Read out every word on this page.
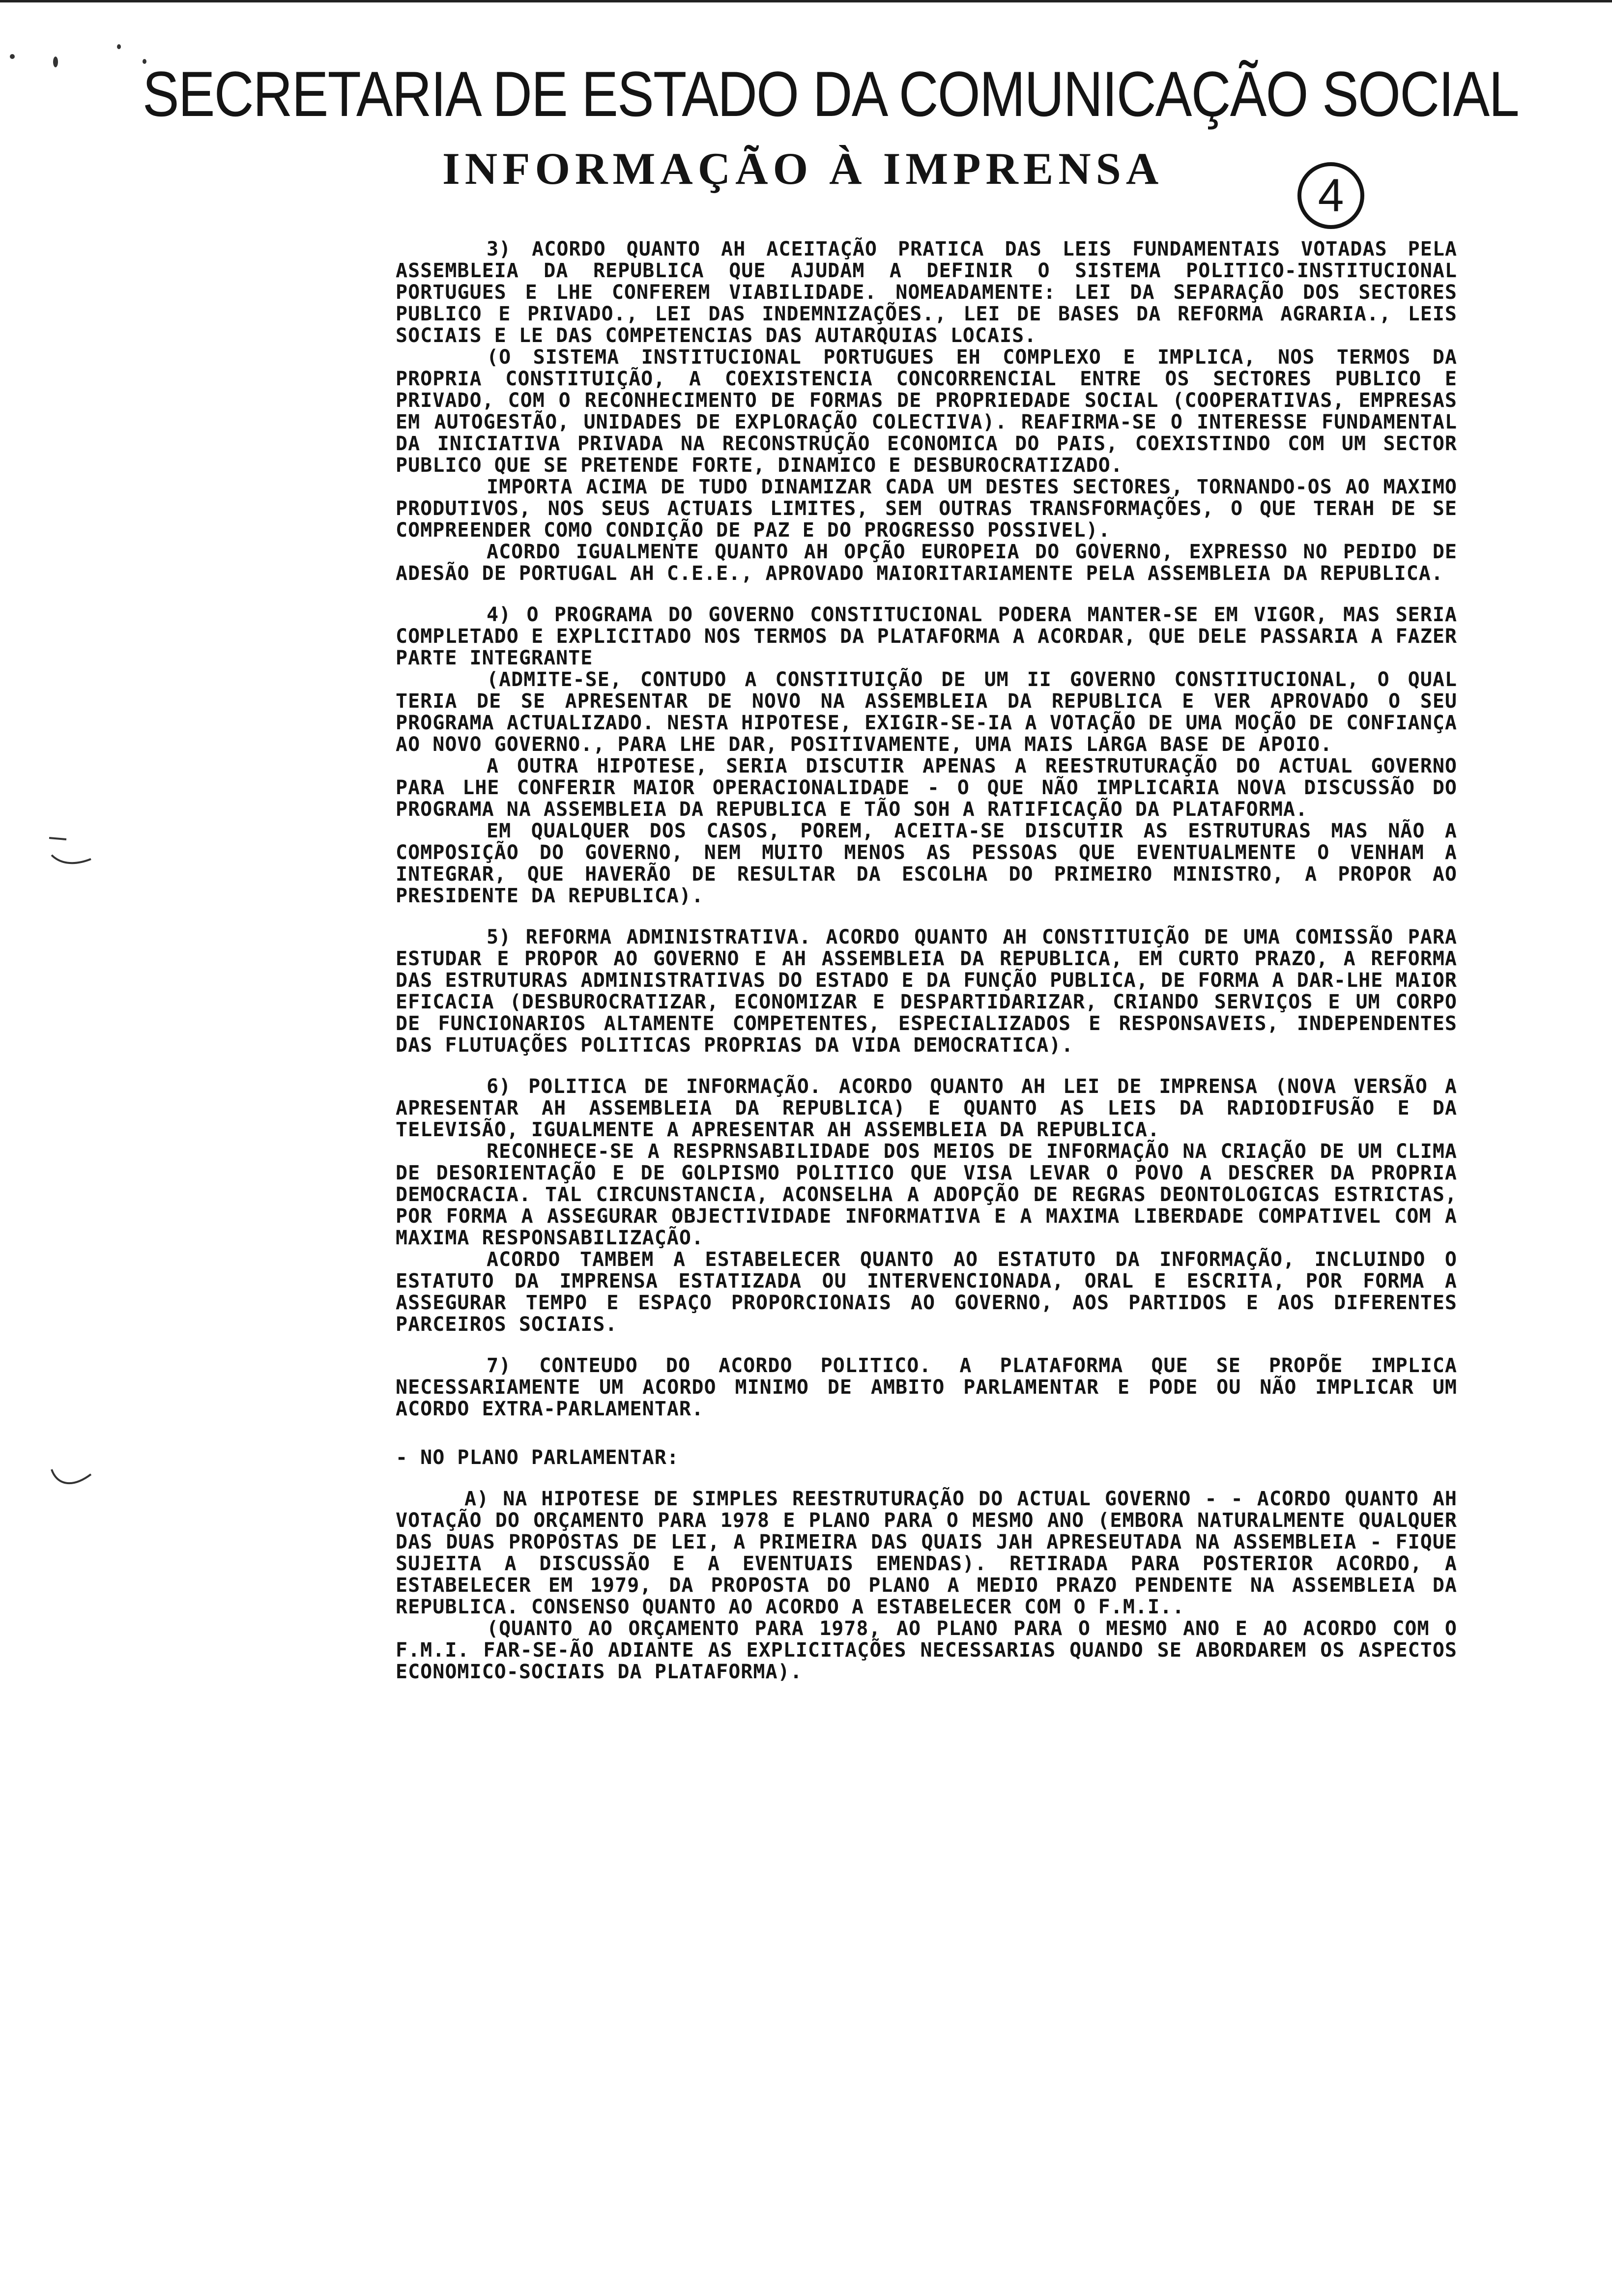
SECRETARIA DE ESTADO DA COMUNICAÇÃO SOCIAL
INFORMAÇÃO À IMPRENSA
4

3) ACORDO QUANTO AH ACEITAÇÃO PRATICA DAS LEIS FUNDAMENTAIS VOTADAS PELA ASSEMBLEIA DA REPUBLICA QUE AJUDAM A DEFINIR O SISTEMA POLITICO-INSTITUCIONAL PORTUGUES E LHE CONFEREM VIABILIDADE. NOMEADAMENTE: LEI DA SEPARAÇÃO DOS SECTORES PUBLICO E PRIVADO., LEI DAS INDEMNIZAÇÕES., LEI DE BASES DA REFORMA AGRARIA., LEIS SOCIAIS E LE DAS COMPETENCIAS DAS AUTARQUIAS LOCAIS.

(O SISTEMA INSTITUCIONAL PORTUGUES EH COMPLEXO E IMPLICA, NOS TERMOS DA PROPRIA CONSTITUIÇÃO, A COEXISTENCIA CONCORRENCIAL ENTRE OS SECTORES PUBLICO E PRIVADO, COM O RECONHECIMENTO DE FORMAS DE PROPRIEDADE SOCIAL (COOPERATIVAS, EMPRESAS EM AUTOGESTÃO, UNIDADES DE EXPLORAÇÃO COLECTIVA). REAFIRMA-SE O INTERESSE FUNDAMENTAL DA INICIATIVA PRIVADA NA RECONSTRUÇÃO ECONOMICA DO PAIS, COEXISTINDO COM UM SECTOR PUBLICO QUE SE PRETENDE FORTE, DINAMICO E DESBUROCRATIZADO.

IMPORTA ACIMA DE TUDO DINAMIZAR CADA UM DESTES SECTORES, TORNANDO-OS AO MAXIMO PRODUTIVOS, NOS SEUS ACTUAIS LIMITES, SEM OUTRAS TRANSFORMAÇÕES, O QUE TERAH DE SE COMPREENDER COMO CONDIÇÃO DE PAZ E DO PROGRESSO POSSIVEL).

ACORDO IGUALMENTE QUANTO AH OPÇÃO EUROPEIA DO GOVERNO, EXPRESSO NO PEDIDO DE ADESÃO DE PORTUGAL AH C.E.E., APROVADO MAIORITARIAMENTE PELA ASSEMBLEIA DA REPUBLICA.

4) O PROGRAMA DO GOVERNO CONSTITUCIONAL PODERA MANTER-SE EM VIGOR, MAS SERIA COMPLETADO E EXPLICITADO NOS TERMOS DA PLATAFORMA A ACORDAR, QUE DELE PASSARIA A FAZER PARTE INTEGRANTE

(ADMITE-SE, CONTUDO A CONSTITUIÇÃO DE UM II GOVERNO CONSTITUCIONAL, O QUAL TERIA DE SE APRESENTAR DE NOVO NA ASSEMBLEIA DA REPUBLICA E VER APROVADO O SEU PROGRAMA ACTUALIZADO. NESTA HIPOTESE, EXIGIR-SE-IA A VOTAÇÃO DE UMA MOÇÃO DE CONFIANÇA AO NOVO GOVERNO., PARA LHE DAR, POSITIVAMENTE, UMA MAIS LARGA BASE DE APOIO.

A OUTRA HIPOTESE, SERIA DISCUTIR APENAS A REESTRUTURAÇÃO DO ACTUAL GOVERNO PARA LHE CONFERIR MAIOR OPERACIONALIDADE - O QUE NÃO IMPLICARIA NOVA DISCUSSÃO DO PROGRAMA NA ASSEMBLEIA DA REPUBLICA E TÃO SOH A RATIFICAÇÃO DA PLATAFORMA.

EM QUALQUER DOS CASOS, POREM, ACEITA-SE DISCUTIR AS ESTRUTURAS MAS NÃO A COMPOSIÇÃO DO GOVERNO, NEM MUITO MENOS AS PESSOAS QUE EVENTUALMENTE O VENHAM A INTEGRAR, QUE HAVERÃO DE RESULTAR DA ESCOLHA DO PRIMEIRO MINISTRO, A PROPOR AO PRESIDENTE DA REPUBLICA).

5) REFORMA ADMINISTRATIVA. ACORDO QUANTO AH CONSTITUIÇÃO DE UMA COMISSÃO PARA ESTUDAR E PROPOR AO GOVERNO E AH ASSEMBLEIA DA REPUBLICA, EM CURTO PRAZO, A REFORMA DAS ESTRUTURAS ADMINISTRATIVAS DO ESTADO E DA FUNÇÃO PUBLICA, DE FORMA A DAR-LHE MAIOR EFICACIA (DESBUROCRATIZAR, ECONOMIZAR E DESPARTIDARIZAR, CRIANDO SERVIÇOS E UM CORPO DE FUNCIONARIOS ALTAMENTE COMPETENTES, ESPECIALIZADOS E RESPONSAVEIS, INDEPENDENTES DAS FLUTUAÇÕES POLITICAS PROPRIAS DA VIDA DEMOCRATICA).

6) POLITICA DE INFORMAÇÃO. ACORDO QUANTO AH LEI DE IMPRENSA (NOVA VERSÃO A APRESENTAR AH ASSEMBLEIA DA REPUBLICA) E QUANTO AS LEIS DA RADIODIFUSÃO E DA TELEVISÃO, IGUALMENTE A APRESENTAR AH ASSEMBLEIA DA REPUBLICA.

RECONHECE-SE A RESPRNSABILIDADE DOS MEIOS DE INFORMAÇÃO NA CRIAÇÃO DE UM CLIMA DE DESORIENTAÇÃO E DE GOLPISMO POLITICO QUE VISA LEVAR O POVO A DESCRER DA PROPRIA DEMOCRACIA. TAL CIRCUNSTANCIA, ACONSELHA A ADOPÇÃO DE REGRAS DEONTOLOGICAS ESTRICTAS, POR FORMA A ASSEGURAR OBJECTIVIDADE INFORMATIVA E A MAXIMA LIBERDADE COMPATIVEL COM A MAXIMA RESPONSABILIZAÇÃO.

ACORDO TAMBEM A ESTABELECER QUANTO AO ESTATUTO DA INFORMAÇÃO, INCLUINDO O ESTATUTO DA IMPRENSA ESTATIZADA OU INTERVENCIONADA, ORAL E ESCRITA, POR FORMA A ASSEGURAR TEMPO E ESPAÇO PROPORCIONAIS AO GOVERNO, AOS PARTIDOS E AOS DIFERENTES PARCEIROS SOCIAIS.

7) CONTEUDO DO ACORDO POLITICO. A PLATAFORMA QUE SE PROPÕE IMPLICA NECESSARIAMENTE UM ACORDO MINIMO DE AMBITO PARLAMENTAR E PODE OU NÃO IMPLICAR UM ACORDO EXTRA-PARLAMENTAR.

- NO PLANO PARLAMENTAR:

A) NA HIPOTESE DE SIMPLES REESTRUTURAÇÃO DO ACTUAL GOVERNO - - ACORDO QUANTO AH VOTAÇÃO DO ORÇAMENTO PARA 1978 E PLANO PARA O MESMO ANO (EMBORA NATURALMENTE QUALQUER DAS DUAS PROPOSTAS DE LEI, A PRIMEIRA DAS QUAIS JAH APRESEUTADA NA ASSEMBLEIA - FIQUE SUJEITA A DISCUSSÃO E A EVENTUAIS EMENDAS). RETIRADA PARA POSTERIOR ACORDO, A ESTABELECER EM 1979, DA PROPOSTA DO PLANO A MEDIO PRAZO PENDENTE NA ASSEMBLEIA DA REPUBLICA. CONSENSO QUANTO AO ACORDO A ESTABELECER COM O F.M.I..

(QUANTO AO ORÇAMENTO PARA 1978, AO PLANO PARA O MESMO ANO E AO ACORDO COM O F.M.I. FAR-SE-ÃO ADIANTE AS EXPLICITAÇÕES NECESSARIAS QUANDO SE ABORDAREM OS ASPECTOS ECONOMICO-SOCIAIS DA PLATAFORMA).
